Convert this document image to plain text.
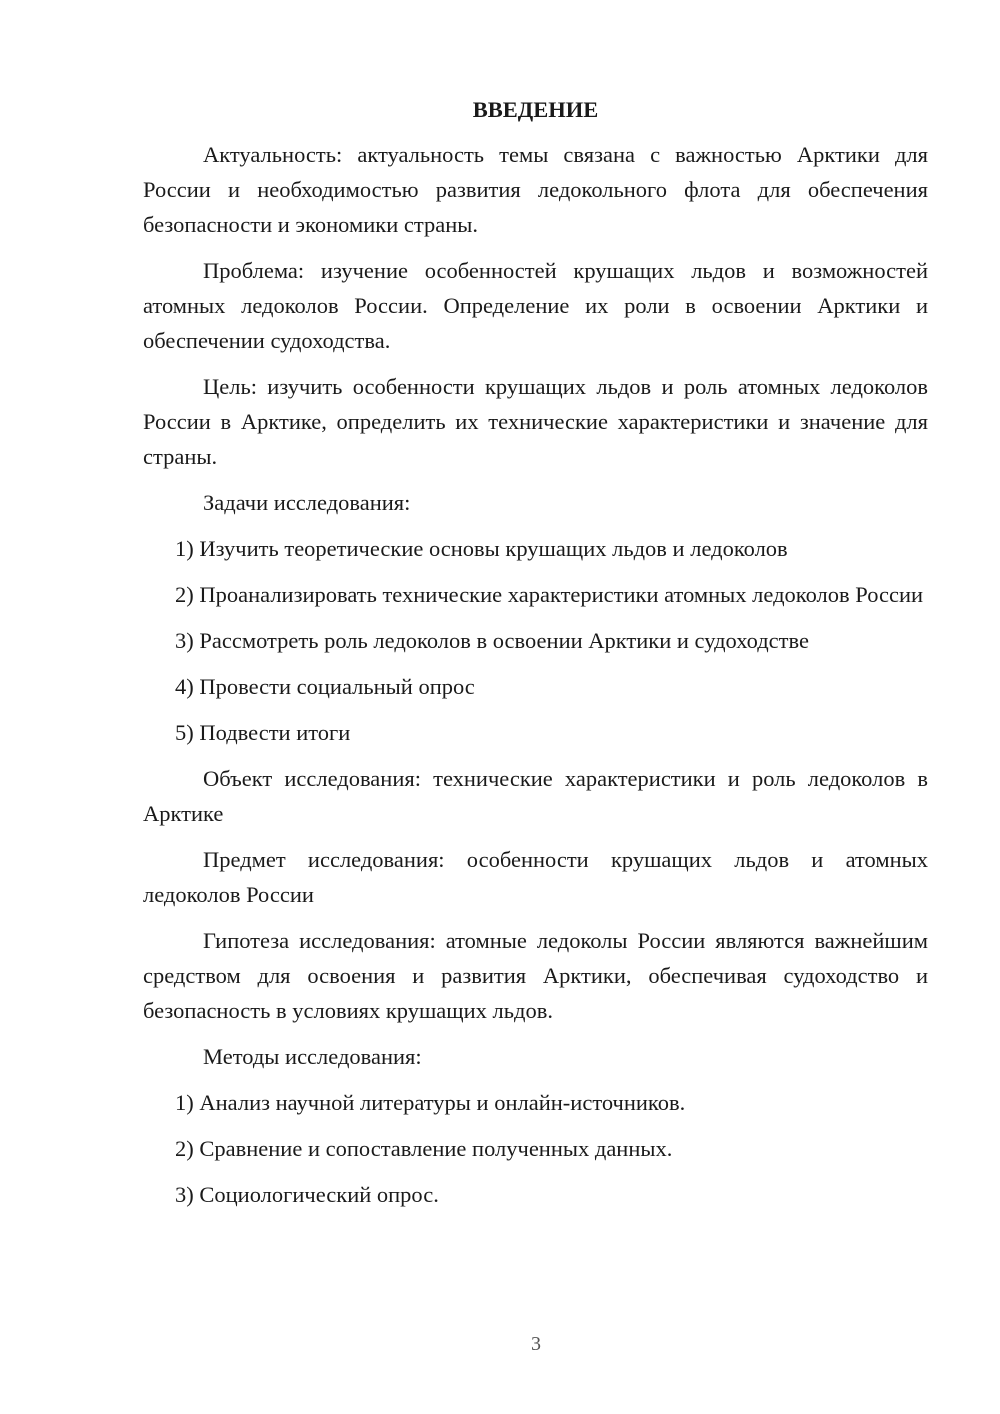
ВВЕДЕНИЕ

Актуальность: актуальность темы связана с важностью Арктики для России и необходимостью развития ледокольного флота для обеспечения безопасности и экономики страны.

Проблема: изучение особенностей крушащих льдов и возможностей атомных ледоколов России. Определение их роли в освоении Арктики и обеспечении судоходства.

Цель: изучить особенности крушащих льдов и роль атомных ледоколов России в Арктике, определить их технические характеристики и значение для страны.

Задачи исследования:

1) Изучить теоретические основы крушащих льдов и ледоколов

2) Проанализировать технические характеристики атомных ледоколов России

3) Рассмотреть роль ледоколов в освоении Арктики и судоходстве

4) Провести социальный опрос

5) Подвести итоги

Объект исследования: технические характеристики и роль ледоколов в Арктике

Предмет исследования: особенности крушащих льдов и атомных ледоколов России

Гипотеза исследования: атомные ледоколы России являются важнейшим средством для освоения и развития Арктики, обеспечивая судоходство и безопасность в условиях крушащих льдов.

Методы исследования:

1) Анализ научной литературы и онлайн-источников.

2) Сравнение и сопоставление полученных данных.

3) Социологический опрос.

3
